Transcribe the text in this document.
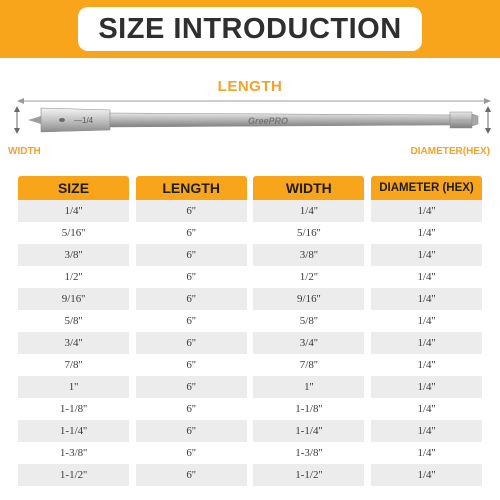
SIZE INTRODUCTION
LENGTH
—1/4	GreePRO
WIDTH	DIAMETER(HEX)
SIZE
1/4''
5/16''
3/8''
1/2''
9/16''
5/8''
3/4''
7/8''
1''
1-1/8''
1-1/4''
1-3/8''
1-1/2''
LENGTH
6''
6''
6''
6''
6''
6''
6''
6''
6''
6''
6''
6''
6''
WIDTH
1/4''
5/16''
3/8''
1/2''
9/16''
5/8''
3/4''
7/8''
1''
1-1/8''
1-1/4''
1-3/8''
1-1/2''
DIAMETER (HEX)
1/4''
1/4''
1/4''
1/4''
1/4''
1/4''
1/4''
1/4''
1/4''
1/4''
1/4''
1/4''
1/4''
